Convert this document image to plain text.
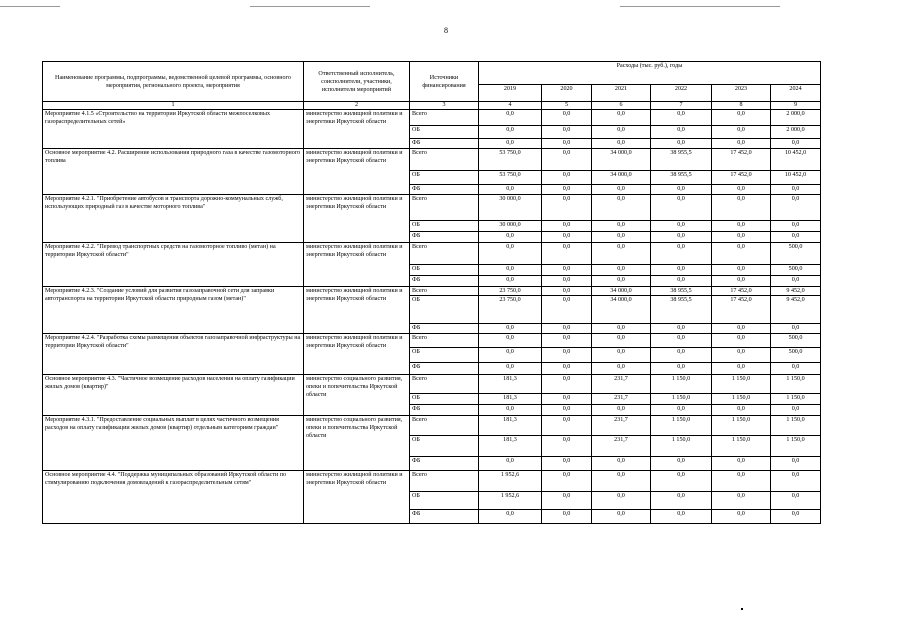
8
Наименование программы, подпрограммы, ведомственной целевой программы, основного мероприятия, регионального проекта, мероприятия	Ответственный исполнитель, соисполнители, участники, исполнители мероприятий	Источники финансирования	Расходы (тыс. руб.), годы					
			2019	2020	2021	2022	2023	2024
1	2	3	4	5	6	7	8	9
Мероприятие 4.1.5 «Строительство на территории Иркутской области межпоселковых газораспределительных сетей»	министерство жилищной политики и энергетики Иркутской области	Всего	0,0	0,0	0,0	0,0	0,0	2 000,0
		ОБ	0,0	0,0	0,0	0,0	0,0	2 000,0
		ФБ	0,0	0,0	0,0	0,0	0,0	0,0
Основное мероприятие 4.2. Расширение использования природного газа в качестве газомоторного топлива	министерство жилищной политики и энергетики Иркутской области	Всего	53 750,0	0,0	34 000,0	38 955,5	17 452,0	10 452,0
		ОБ	53 750,0	0,0	34 000,0	38 955,5	17 452,0	10 452,0
		ФБ	0,0	0,0	0,0	0,0	0,0	0,0
Мероприятие 4.2.1. "Приобретение автобусов и транспорта дорожно-коммунальных служб, использующих природный газ в качестве моторного топлива"	министерство жилищной политики и энергетики Иркутской области	Всего	30 000,0	0,0	0,0	0,0	0,0	0,0
		ОБ	30 000,0	0,0	0,0	0,0	0,0	0,0
		ФБ	0,0	0,0	0,0	0,0	0,0	0,0
Мероприятие 4.2.2. "Перевод транспортных средств на газомоторное топливо (метан) на территории Иркутской области"	министерство жилищной политики и энергетики Иркутской области	Всего	0,0	0,0	0,0	0,0	0,0	500,0
		ОБ	0,0	0,0	0,0	0,0	0,0	500,0
		ФБ	0,0	0,0	0,0	0,0	0,0	0,0
Мероприятие 4.2.3. "Создание условий для развития газозаправочной сети для заправки автотранспорта на территории Иркутской области природным газом (метан)"	министерство жилищной политики и энергетики Иркутской области	Всего	23 750,0	0,0	34 000,0	38 955,5	17 452,0	9 452,0
		ОБ	23 750,0	0,0	34 000,0	38 955,5	17 452,0	9 452,0
		ФБ	0,0	0,0	0,0	0,0	0,0	0,0
Мероприятие 4.2.4. "Разработка схемы размещения объектов газозаправочной инфраструктуры на территории Иркутской области"	министерство жилищной политики и энергетики Иркутской области	Всего	0,0	0,0	0,0	0,0	0,0	500,0
		ОБ	0,0	0,0	0,0	0,0	0,0	500,0
		ФБ	0,0	0,0	0,0	0,0	0,0	0,0
Основное мероприятие 4.3. "Частичное возмещение расходов населения на оплату газификации жилых домов (квартир)"	министерство социального развития, опеки и попечительства Иркутской области	Всего	181,3	0,0	231,7	1 150,0	1 150,0	1 150,0
		ОБ	181,3	0,0	231,7	1 150,0	1 150,0	1 150,0
		ФБ	0,0	0,0	0,0	0,0	0,0	0,0
Мероприятие 4.3.1. "Предоставление социальных выплат в целях частичного возмещения расходов на оплату газификации жилых домов (квартир) отдельным категориям граждан"	министерство социального развития, опеки и попечительства Иркутской области	Всего	181,3	0,0	231,7	1 150,0	1 150,0	1 150,0
		ОБ	181,3	0,0	231,7	1 150,0	1 150,0	1 150,0
		ФБ	0,0	0,0	0,0	0,0	0,0	0,0
Основное мероприятие 4.4. "Поддержка муниципальных образований Иркутской области по стимулированию подключения домовладений к газораспределительным сетям"	министерство жилищной политики и энергетики Иркутской области	Всего	1 952,6	0,0	0,0	0,0	0,0	0,0
		ОБ	1 952,6	0,0	0,0	0,0	0,0	0,0
		ФБ	0,0	0,0	0,0	0,0	0,0	0,0
